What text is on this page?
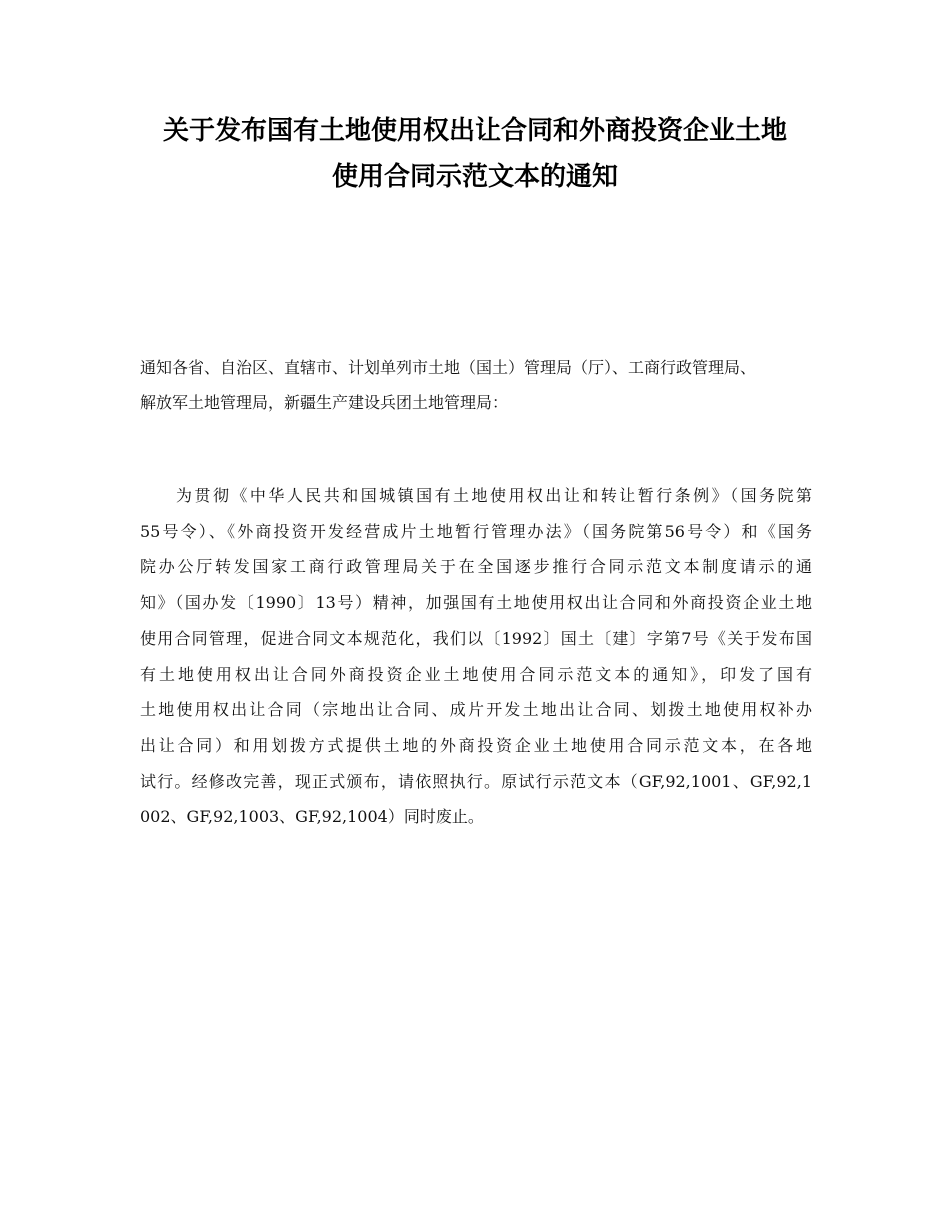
关于发布国有土地使用权出让合同和外商投资企业土地
使用合同示范文本的通知

通知各省、自治区、直辖市、计划单列市土地（国土）管理局（厅）、工商行政管理局、
解放军土地管理局，新疆生产建设兵团土地管理局：

为贯彻《中华人民共和国城镇国有土地使用权出让和转让暂行条例》（国务院第
55号令）、《外商投资开发经营成片土地暂行管理办法》（国务院第56号令）和《国务
院办公厅转发国家工商行政管理局关于在全国逐步推行合同示范文本制度请示的通
知》（国办发〔1990〕13号）精神，加强国有土地使用权出让合同和外商投资企业土地
使用合同管理，促进合同文本规范化，我们以〔1992〕国土〔建〕字第7号《关于发布国
有土地使用权出让合同外商投资企业土地使用合同示范文本的通知》，印发了国有
土地使用权出让合同（宗地出让合同、成片开发土地出让合同、划拨土地使用权补办
出让合同）和用划拨方式提供土地的外商投资企业土地使用合同示范文本，在各地
试行。经修改完善，现正式颁布，请依照执行。原试行示范文本（GF,92,1001、GF,92,1
002、GF,92,1003、GF,92,1004）同时废止。
